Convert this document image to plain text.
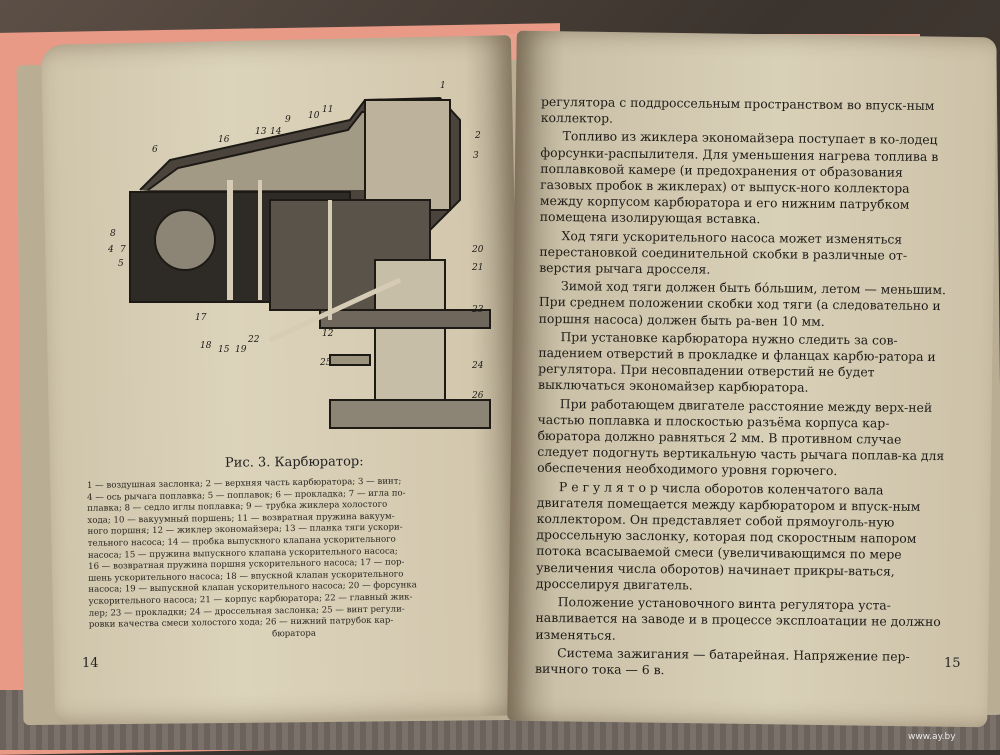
1
2
3
4
5
6
7
8
9 10
11
12
13 14
15
16
17
18	19
20
21
22
23
24
25
26
Рис. 3. Карбюратор:

1 — воздушная заслонка; 2 — верхняя часть карбюратора; 3 — винт;

4 — ось рычага поплавка; 5 — поплавок; 6 — прокладка; 7 — игла по-

плавка; 8 — седло иглы поплавка; 9 — трубка жиклера холостого

хода; 10 — вакуумный поршень; 11 — возвратная пружина вакуум-

ного поршня; 12 — жиклер экономайзера; 13 — планка тяги ускори-

тельного насоса; 14 — пробка выпускного клапана ускорительного

насоса; 15 — пружина выпускного клапана ускорительного насоса;

16 — возвратная пружина поршня ускорительного насоса; 17 — пор-

шень ускорительного насоса; 18 — впускной клапан ускорительного

насоса; 19 — выпускной клапан ускорительного насоса; 20 — форсунка

ускорительного насоса; 21 — корпус карбюратора; 22 — главный жик-

лер; 23 — прокладки; 24 — дроссельная заслонка; 25 — винт регули-

ровки качества смеси холостого хода; 26 — нижний патрубок кар-

бюратора

14

регулятора с поддроссельным пространством во впуск-ным коллектор.

Топливо из жиклера экономайзера поступает в ко-лодец форсунки-распылителя. Для уменьшения нагрева топлива в поплавковой камере (и предохранения от образования газовых пробок в жиклерах) от выпуск-ного коллектора между корпусом карбюратора и его нижним патрубком помещена изолирующая вставка.

Ход тяги ускорительного насоса может изменяться перестановкой соединительной скобки в различные от-верстия рычага дросселя.

Зимой ход тяги должен быть бо́льшим, летом — меньшим. При среднем положении скобки ход тяги (а следовательно и поршня насоса) должен быть ра-вен 10 мм.

При установке карбюратора нужно следить за сов-падением отверстий в прокладке и фланцах карбю-ратора и регулятора. При несовпадении отверстий не будет выключаться экономайзер карбюратора.

При работающем двигателе расстояние между верх-ней частью поплавка и плоскостью разъёма корпуса кар-бюратора должно равняться 2 мм. В противном случае следует подогнуть вертикальную часть рычага поплав-ка для обеспечения необходимого уровня горючего.

Р е г у л я т о р числа оборотов коленчатого вала двигателя помещается между карбюратором и впуск-ным коллектором. Он представляет собой прямоуголь-ную дроссельную заслонку, которая под скоростным напором потока всасываемой смеси (увеличивающимся по мере увеличения числа оборотов) начинает прикры-ваться, дросселируя двигатель.

Положение установочного винта регулятора уста-навливается на заводе и в процессе эксплоатации не должно изменяться.

Система зажигания — батарейная. Напряжение пер-вичного тока — 6 в.	15
www.ay.by
